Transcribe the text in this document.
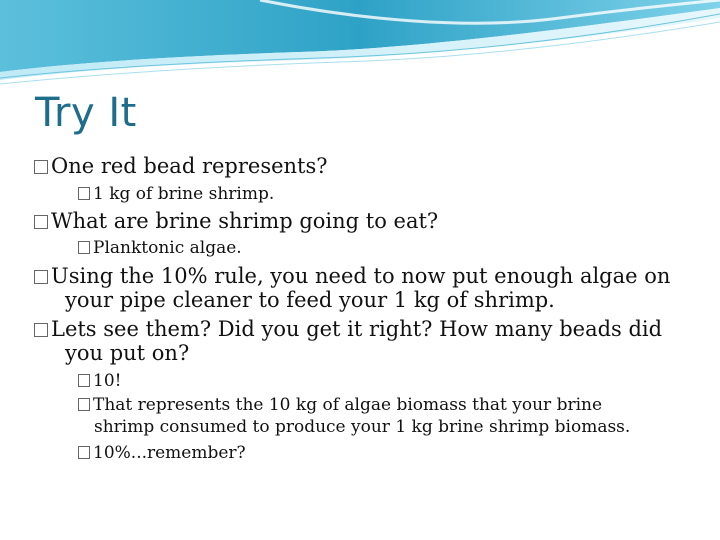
Try It
One red bead represents?
1 kg of brine shrimp.
What are brine shrimp going to eat?
Planktonic algae.
Using the 10% rule, you need to now put enough algae on
your pipe cleaner to feed your 1 kg of shrimp.
Lets see them? Did you get it right? How many beads did
you put on?
10!
That represents the 10 kg of algae biomass that your brine
shrimp consumed to produce your 1 kg brine shrimp biomass.
10%...remember?
